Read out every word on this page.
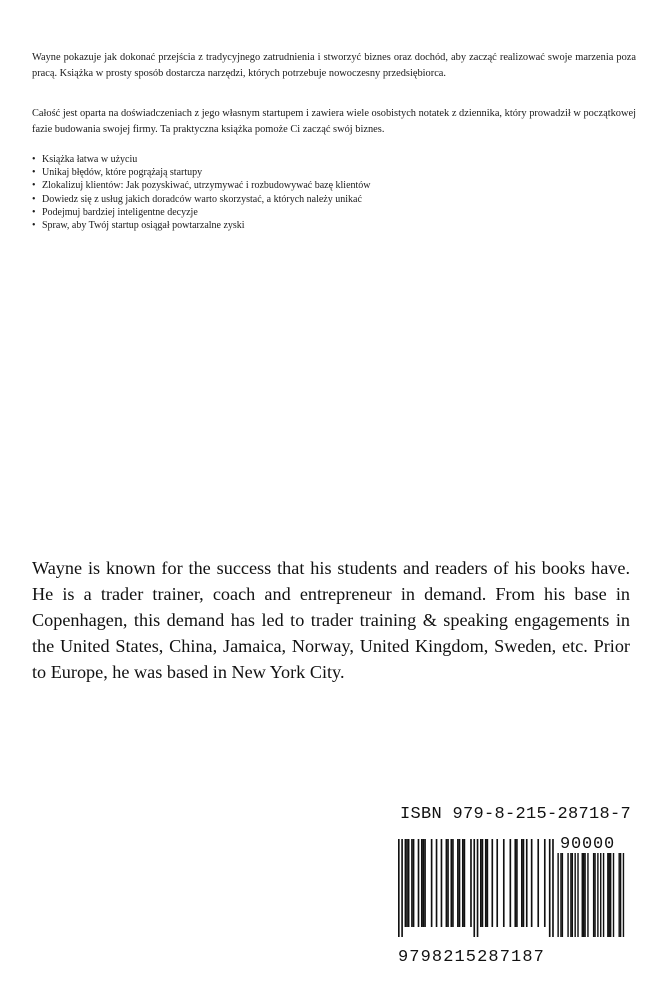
Wayne pokazuje jak dokonać przejścia z tradycyjnego zatrudnienia i stworzyć biznes oraz dochód, aby zacząć realizować swoje marzenia poza pracą. Książka w prosty sposób dostarcza narzędzi, których potrzebuje nowoczesny przedsiębiorca.

Całość jest oparta na doświadczeniach z jego własnym startupem i zawiera wiele osobistych notatek z dziennika, który prowadził w początkowej fazie budowania swojej firmy. Ta praktyczna książka pomoże Ci zacząć swój biznes.

• Książka łatwa w użyciu
• Unikaj błędów, które pogrążają startupy
• Zlokalizuj klientów: Jak pozyskiwać, utrzymywać i rozbudowywać bazę klientów
• Dowiedz się z usług jakich doradców warto skorzystać, a których należy unikać
• Podejmuj bardziej inteligentne decyzje
• Spraw, aby Twój startup osiągał powtarzalne zyski

Wayne is known for the success that his students and readers of his books have. He is a trader trainer, coach and entrepreneur in demand. From his base in Copenhagen, this demand has led to trader training & speaking engagements in the United States, China, Jamaica, Norway, United Kingdom, Sweden, etc. Prior to Europe, he was based in New York City.

ISBN 979-8-215-28718-7
9798215287187
90000
